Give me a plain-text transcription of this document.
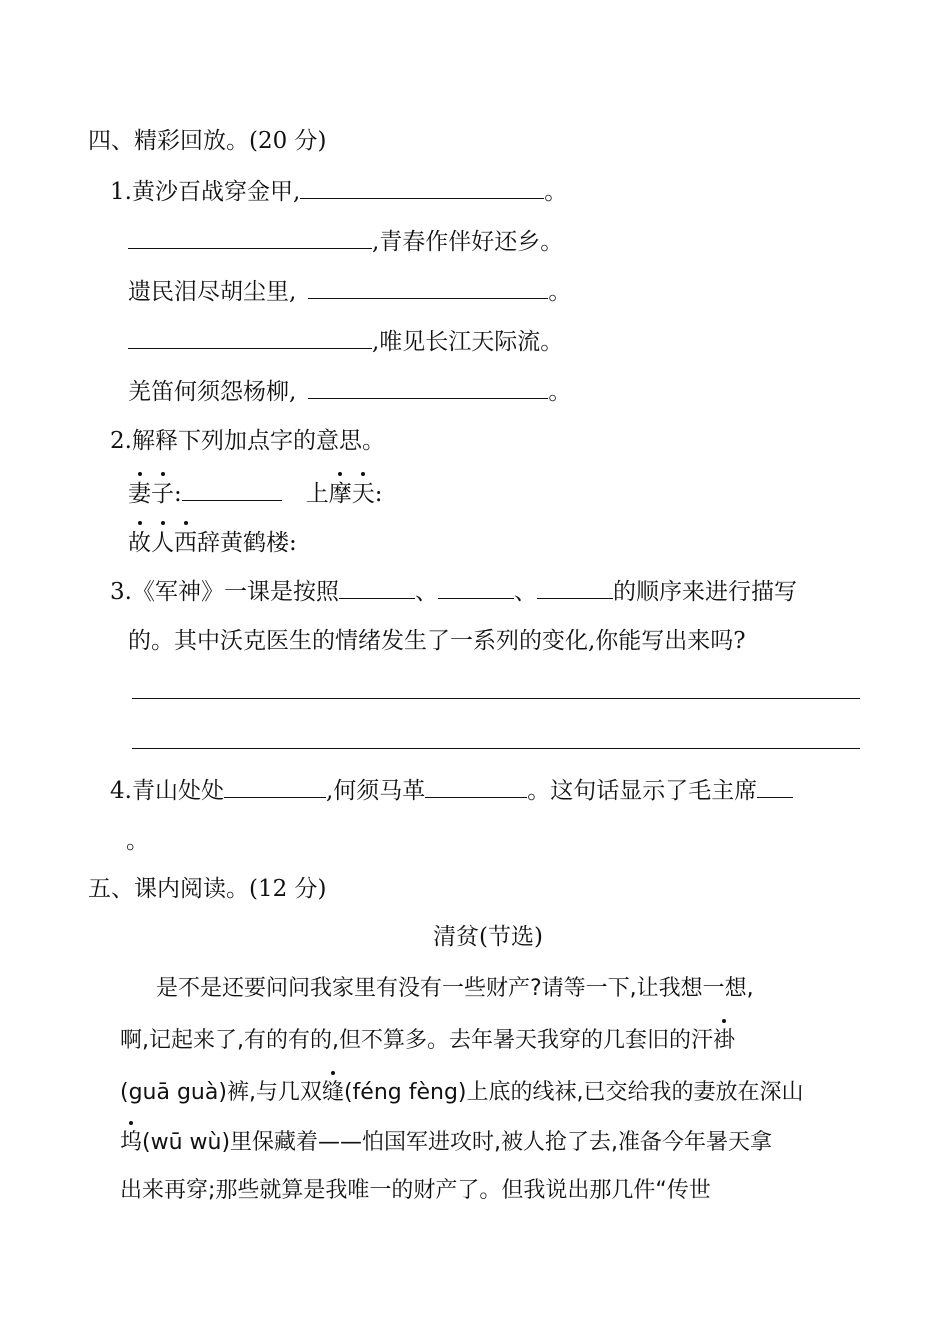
四、精彩回放。(20 分)
1.黄沙百战穿金甲,	。
,青春作伴好还乡。
遗民泪尽胡尘里,	。
,唯见长江天际流。
羌笛何须怨杨柳,	。
2.解释下列加点字的意思。
妻子:	上摩天:
故人西辞黄鹤楼:
3.《军神》一课是按照	、	、	的顺序来进行描写
的。其中沃克医生的情绪发生了一系列的变化,你能写出来吗?
4.青山处处	,何须马革	。这句话显示了毛主席
。
五、课内阅读。(12 分)
清贫(节选)
是不是还要问问我家里有没有一些财产?请等一下,让我想一想,
啊,记起来了,有的有的,但不算多。去年暑天我穿的几套旧的汗褂
(guā guà)裤,与几双缝(féng fèng)上底的线袜,已交给我的妻放在深山
坞(wū wù)里保藏着——怕国军进攻时,被人抢了去,准备今年暑天拿
出来再穿;那些就算是我唯一的财产了。但我说出那几件“传世
